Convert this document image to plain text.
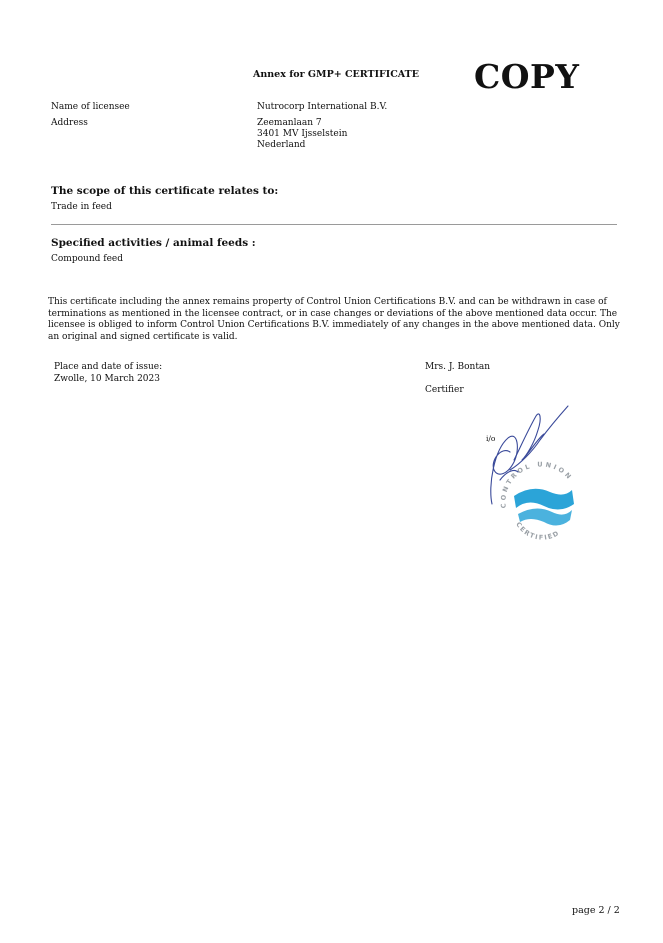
Annex for GMP+ CERTIFICATE COPY
Name of licensee	Nutrocorp International B.V.
Address	Zeemanlaan 7
3401 MV Ijsselstein
Nederland
The scope of this certificate relates to:
Trade in feed
Specified activities / animal feeds :
Compound feed
This certificate including the annex remains property of Control Union Certifications B.V. and can be withdrawn in case of terminations as mentioned in the licensee contract, or in case changes or deviations of the above mentioned data occur. The licensee is obliged to inform Control Union Certifications B.V. immediately of any changes in the above mentioned data. Only an original and signed certificate is valid.
Place and date of issue:
Zwolle, 10 March 2023
Mrs. J. Bontan
Certifier
i/o
CONTROL UNION
CERTIFIED
page 2 / 2
